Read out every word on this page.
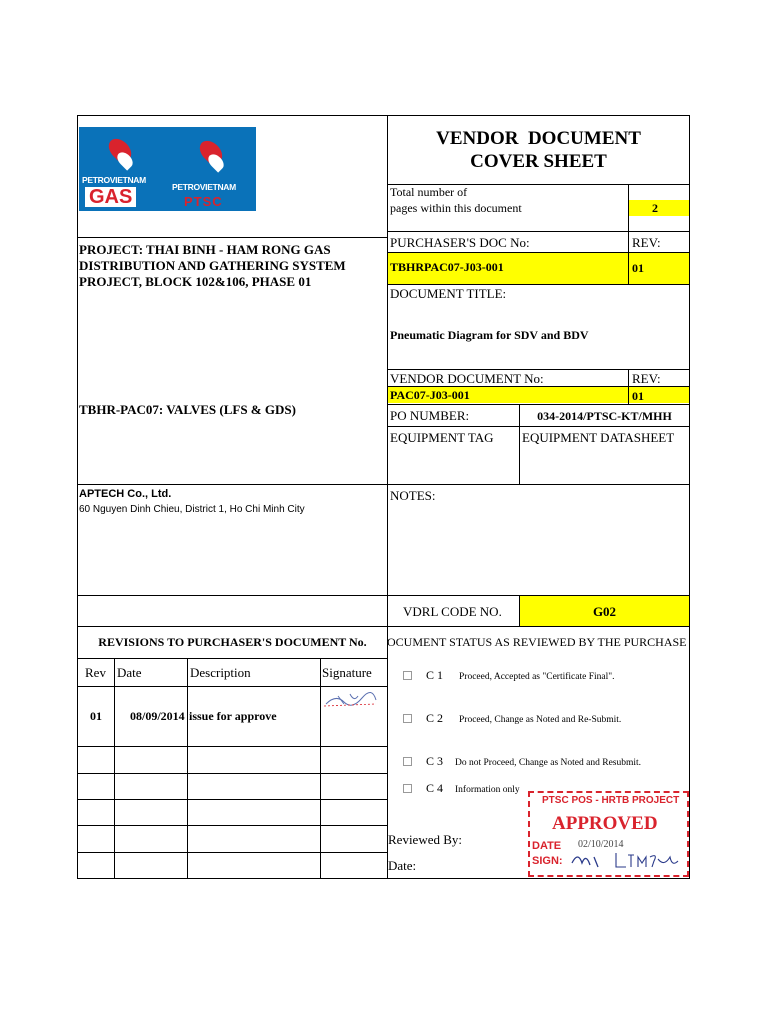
PETROVIETNAM
GAS	PETROVIETNAM
PTSC
VENDOR  DOCUMENT
COVER SHEET
Total number of
pages within this document	2
PROJECT: THAI BINH - HAM RONG GAS
DISTRIBUTION AND GATHERING SYSTEM
PROJECT, BLOCK 102&106, PHASE 01
TBHR-PAC07: VALVES (LFS & GDS)
PURCHASER'S DOC No:	REV:
TBHRPAC07-J03-001	01
DOCUMENT TITLE:
Pneumatic Diagram for SDV and BDV
VENDOR DOCUMENT No:	REV:
PAC07-J03-001	01
PO NUMBER:	034-2014/PTSC-KT/MHH
EQUIPMENT TAG EQUIPMENT DATASHEET
APTECH Co., Ltd.
60 Nguyen Dinh Chieu, District 1, Ho Chi Minh City
NOTES:
VDRL CODE NO.	G02
REVISIONS TO PURCHASER'S DOCUMENT No.
Rev Date	Description	Signature
01 08/09/2014 issue for approve
OCUMENT STATUS AS REVIEWED BY THE PURCHASE
C 1 Proceed, Accepted as "Certificate Final".
C 2 Proceed, Change as Noted and Re-Submit.
C 3 Do not Proceed, Change as Noted and Resubmit.
C 4 Information only
Reviewed By:
Date:
PTSC POS - HRTB PROJECT
APPROVED
DATE 02/10/2014
SIGN:
